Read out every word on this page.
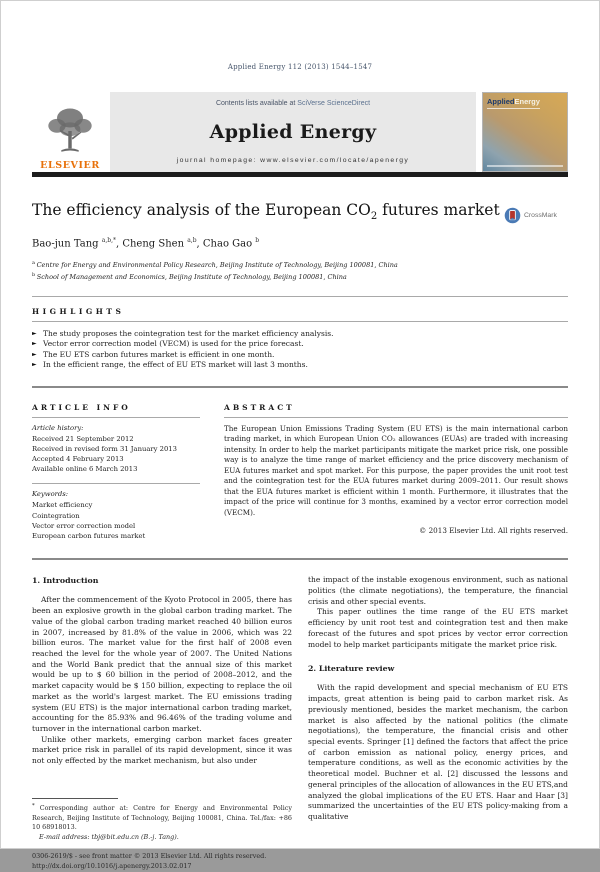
Applied Energy 112 (2013) 1544–1547
ELSEVIER
Contents lists available at SciVerse ScienceDirect
Applied Energy
journal homepage: www.elsevier.com/locate/apenergy
AppliedEnergy
The efficiency analysis of the European $CO_2$ futures market	CrossMark
Bao-jun Tang $^{a,b,*}$, Cheng Shen $^{a,b}$, Chao Gao $^b$
$^a$ Centre for Energy and Environmental Policy Research, Beijing Institute of Technology, Beijing 100081, China
$^b$ School of Management and Economics, Beijing Institute of Technology, Beijing 100081, China
HIGHLIGHTS
► The study proposes the cointegration test for the market efficiency analysis.
► Vector error correction model (VECM) is used for the price forecast.
► The EU ETS carbon futures market is efficient in one month.
► In the efficient range, the effect of EU ETS market will last 3 months.
ARTICLE INFO
Article history:
Received 21 September 2012
Received in revised form 31 January 2013
Accepted 4 February 2013
Available online 6 March 2013
Keywords:
Market efficiency
Cointegration
Vector error correction model
European carbon futures market
ABSTRACT
The European Union Emissions Trading System (EU ETS) is the main international carbon trading market, in which European Union CO₂ allowances (EUAs) are traded with increasing intensity. In order to help the market participants mitigate the market price risk, one possible way is to analyze the time range of market efficiency and the price discovery mechanism of EUA futures market and spot market. For this purpose, the paper provides the unit root test and the cointegration test for the EUA futures market during 2009–2011. Our result shows that the EUA futures market is efficient within 1 month. Furthermore, it illustrates that the impact of the price will continue for 3 months, examined by a vector error correction model (VECM).
© 2013 Elsevier Ltd. All rights reserved.
1. Introduction

After the commencement of the Kyoto Protocol in 2005, there has been an explosive growth in the global carbon trading market. The value of the global carbon trading market reached 40 billion euros in 2007, increased by 81.8% of the value in 2006, which was 22 billion euros. The market value for the first half of 2008 even reached the level for the whole year of 2007. The United Nations and the World Bank predict that the annual size of this market would be up to $ 60 billion in the period of 2008–2012, and the market capacity would be $ 150 billion, expecting to replace the oil market as the world's largest market. The EU emissions trading system (EU ETS) is the major international carbon trading market, accounting for the 85.93% and 96.46% of the trading volume and turnover in the international carbon market.

Unlike other markets, emerging carbon market faces greater market price risk in parallel of its rapid development, since it was not only effected by the market mechanism, but also under

* Corresponding author at: Centre for Energy and Environmental Policy Research, Beijing Institute of Technology, Beijing 100081, China. Tel./fax: +86 10 68918013.
E-mail address: tbj@bit.edu.cn (B.-j. Tang).
0306-2619/$ - see front matter © 2013 Elsevier Ltd. All rights reserved.
http://dx.doi.org/10.1016/j.apenergy.2013.02.017

the impact of the instable exogenous environment, such as national politics (the climate negotiations), the temperature, the financial crisis and other special events.

This paper outlines the time range of the EU ETS market efficiency by unit root test and cointegration test and then make forecast of the futures and spot prices by vector error correction model to help market participants mitigate the market price risk.

2. Literature review

With the rapid development and special mechanism of EU ETS impacts, great attention is being paid to carbon market risk. As previously mentioned, besides the market mechanism, the carbon market is also affected by the national politics (the climate negotiations), the temperature, the financial crisis and other special events. Springer [1] defined the factors that affect the price of carbon emission as national policy, energy prices, and temperature conditions, as well as the economic activities by the theoretical model. Buchner et al. [2] discussed the lessons and general principles of the allocation of allowances in the EU ETS,and analyzed the global implications of the EU ETS. Haar and Haar [3] summarized the uncertainties of the EU ETS policy-making from a qualitative
